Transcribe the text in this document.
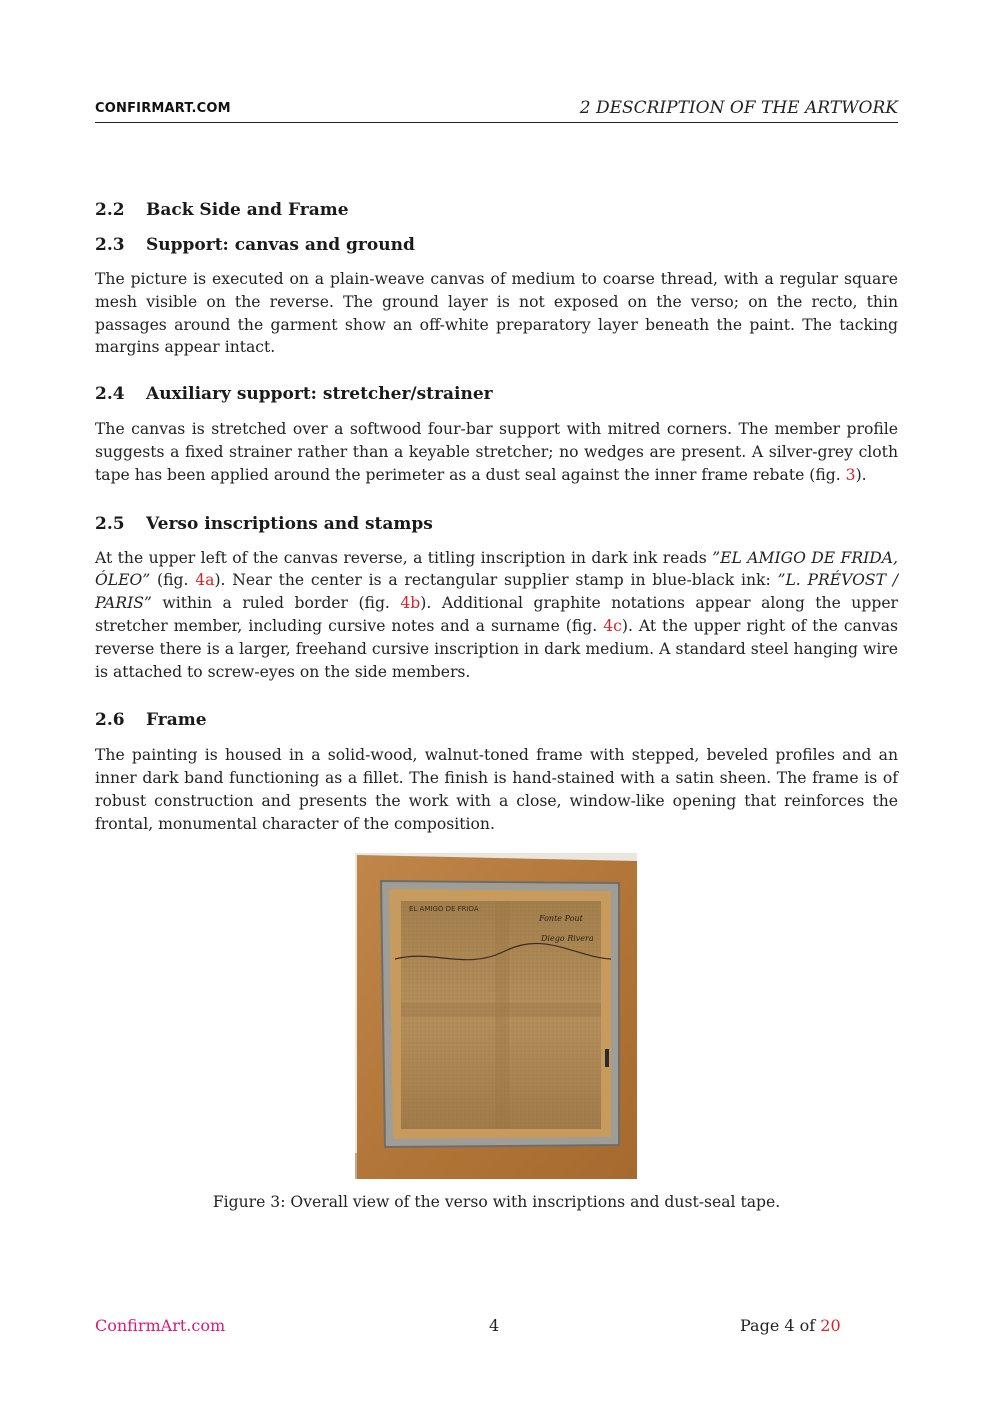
CONFIRMART.COM	2 DESCRIPTION OF THE ARTWORK
2.2 Back Side and Frame
2.3 Support: canvas and ground

The picture is executed on a plain-weave canvas of medium to coarse thread, with a regular square mesh visible on the reverse. The ground layer is not exposed on the verso; on the recto, thin passages around the garment show an off-white preparatory layer beneath the paint. The tacking margins appear intact.

2.4 Auxiliary support: stretcher/strainer

The canvas is stretched over a softwood four-bar support with mitred corners. The member profile suggests a fixed strainer rather than a keyable stretcher; no wedges are present. A silver-grey cloth tape has been applied around the perimeter as a dust seal against the inner frame rebate (fig. 3).

2.5 Verso inscriptions and stamps

At the upper left of the canvas reverse, a titling inscription in dark ink reads ”EL AMIGO DE FRIDA, ÓLEO” (fig. 4a). Near the center is a rectangular supplier stamp in blue-black ink: ”L. PRÉVOST / PARIS” within a ruled border (fig. 4b). Additional graphite notations appear along the upper stretcher member, including cursive notes and a surname (fig. 4c). At the upper right of the canvas reverse there is a larger, freehand cursive inscription in dark medium. A standard steel hanging wire is attached to screw-eyes on the side members.

2.6 Frame

The painting is housed in a solid-wood, walnut-toned frame with stepped, beveled profiles and an inner dark band functioning as a fillet. The finish is hand-stained with a satin sheen. The frame is of robust construction and presents the work with a close, window-like opening that reinforces the frontal, monumental character of the composition.

EL AMIGO DE FRIDA
Fonte Pout
Diego Rivera
Figure 3: Overall view of the verso with inscriptions and dust-seal tape.
ConfirmArt.com	4	Page 4 of 20
